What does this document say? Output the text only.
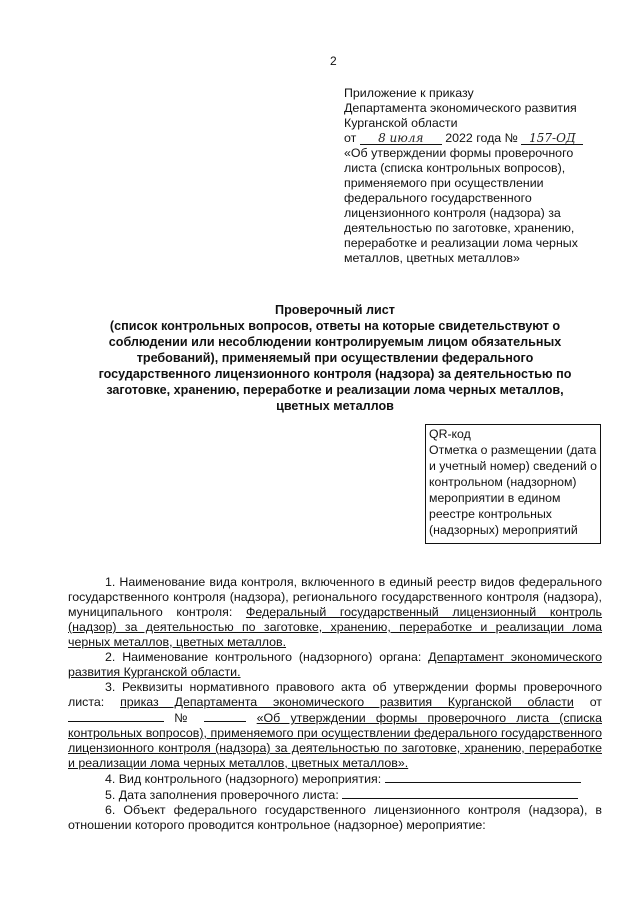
2
Приложение к приказу
Департамента экономического развития
Курганской области
от 8 июля 2022 года № 157-ОД
«Об утверждении формы проверочного
листа (списка контрольных вопросов),
применяемого при осуществлении
федерального государственного
лицензионного контроля (надзора) за
деятельностью по заготовке, хранению,
переработке и реализации лома черных
металлов, цветных металлов»
Проверочный лист
(список контрольных вопросов, ответы на которые свидетельствуют о соблюдении или несоблюдении контролируемым лицом обязательных требований), применяемый при осуществлении федерального государственного лицензионного контроля (надзора) за деятельностью по заготовке, хранению, переработке и реализации лома черных металлов, цветных металлов
QR-код
Отметка о размещении (дата и учетный номер) сведений о контрольном (надзорном) мероприятии в едином реестре контрольных (надзорных) мероприятий

1. Наименование вида контроля, включенного в единый реестр видов федерального государственного контроля (надзора), регионального государственного контроля (надзора), муниципального контроля: Федеральный государственный лицензионный контроль (надзор) за деятельностью по заготовке, хранению, переработке и реализации лома черных металлов, цветных металлов.

2. Наименование контрольного (надзорного) органа: Департамент экономического развития Курганской области.

3. Реквизиты нормативного правового акта об утверждении формы проверочного листа: приказ Департамента экономического развития Курганской области от  №	«Об утверждении формы проверочного листа (списка контрольных вопросов), применяемого при осуществлении федерального государственного лицензионного контроля (надзора) за деятельностью по заготовке, хранению, переработке и реализации лома черных металлов, цветных металлов».

4. Вид контрольного (надзорного) мероприятия:

5. Дата заполнения проверочного листа:

6. Объект федерального государственного лицензионного контроля (надзора), в отношении которого проводится контрольное (надзорное) мероприятие:
